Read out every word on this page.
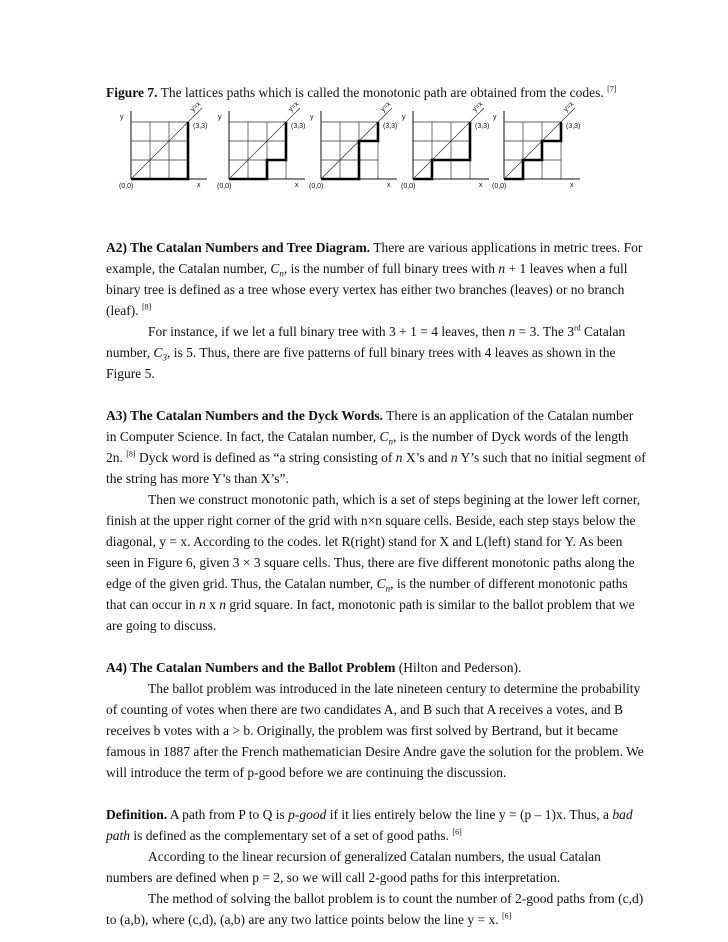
Figure 7. The lattices paths which is called the monotonic path are obtained from the codes. [7]

(0,0)
(3,3)
x
y
y=x
(0,0)
(3,3)
x
y
y=x
(0,0)
(3,3)
x
y
y=x
(0,0)
(3,3)
x
y
y=x
(0,0)
(3,3)
x
y
y=x

A2) The Catalan Numbers and Tree Diagram. There are various applications in metric trees. For example, the Catalan number, $C_n$, is the number of full binary trees with n + 1 leaves when a full binary tree is defined as a tree whose every vertex has either two branches (leaves) or no branch (leaf). [8]

For instance, if we let a full binary tree with 3 + 1 = 4 leaves, then n = 3. The 3rd Catalan number, $C_3$, is 5. Thus, there are five patterns of full binary trees with 4 leaves as shown in the Figure 5.

A3) The Catalan Numbers and the Dyck Words. There is an application of the Catalan number in Computer Science. In fact, the Catalan number, $C_n$, is the number of Dyck words of the length 2n. [8] Dyck word is defined as “a string consisting of n X’s and n Y’s such that no initial segment of the string has more Y’s than X’s”.

Then we construct monotonic path, which is a set of steps begining at the lower left corner, finish at the upper right corner of the grid with n×n square cells. Beside, each step stays below the diagonal, y = x. According to the codes. let R(right) stand for X and L(left) stand for Y. As been seen in Figure 6, given 3 × 3 square cells. Thus, there are five different monotonic paths along the edge of the given grid. Thus, the Catalan number, $C_n$, is the number of different monotonic paths that can occur in n x n grid square. In fact, monotonic path is similar to the ballot problem that we are going to discuss.

A4) The Catalan Numbers and the Ballot Problem (Hilton and Pederson).

The ballot problem was introduced in the late nineteen century to determine the probability of counting of votes when there are two candidates A, and B such that A receives a votes, and B receives b votes with a > b. Originally, the problem was first solved by Bertrand, but it became famous in 1887 after the French mathematician Desire Andre gave the solution for the problem. We will introduce the term of p-good before we are continuing the discussion.

Definition. A path from P to Q is p-good if it lies entirely below the line y = (p – 1)x. Thus, a bad path is defined as the complementary set of a set of good paths. [6]

According to the linear recursion of generalized Catalan numbers, the usual Catalan numbers are defined when p = 2, so we will call 2-good paths for this interpretation.

The method of solving the ballot problem is to count the number of 2-good paths from (c,d) to (a,b), where (c,d), (a,b) are any two lattice points below the line y = x. [6]
